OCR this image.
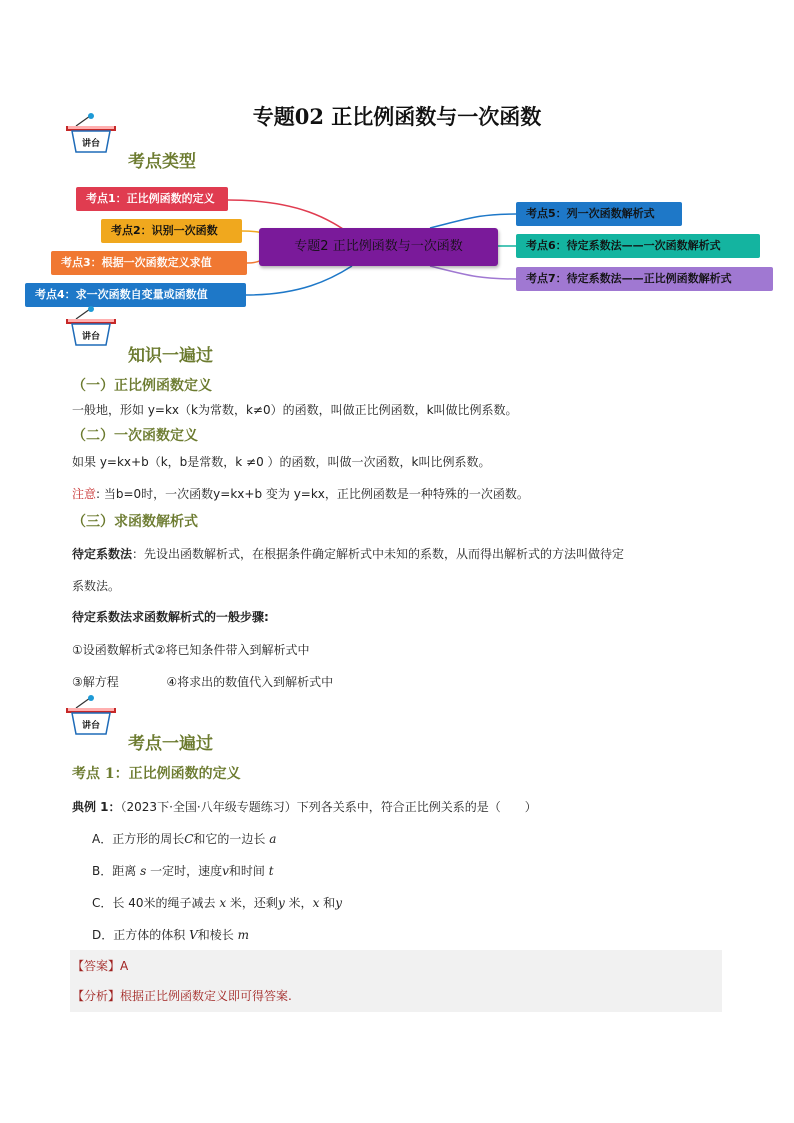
专题02 正比例函数与一次函数
讲台
考点类型
考点1：正比例函数的定义
考点2：识别一次函数
考点3：根据一次函数定义求值
考点4：求一次函数自变量或函数值
专题2 正比例函数与一次函数
考点5：列一次函数解析式
考点6：待定系数法——一次函数解析式
考点7：待定系数法——正比例函数解析式
讲台
知识一遍过
（一）正比例函数定义
一般地，形如 y=kx（k为常数，k≠0）的函数，叫做正比例函数，k叫做比例系数。
（二）一次函数定义
如果 y=kx+b（k，b是常数，k ≠0 ）的函数，叫做一次函数，k叫比例系数。
注意: 当b=0时，一次函数y=kx+b 变为 y=kx，正比例函数是一种特殊的一次函数。
（三）求函数解析式
待定系数法：先设出函数解析式，在根据条件确定解析式中未知的系数，从而得出解析式的方法叫做待定
系数法。
待定系数法求函数解析式的一般步骤:
①设函数解析式②将已知条件带入到解析式中
③解方程	④将求出的数值代入到解析式中
讲台
考点一遍过
考点 1：正比例函数的定义
典例 1：（2023下·全国·八年级专题练习）下列各关系中，符合正比例关系的是（　　）
A．正方形的周长C和它的一边长 a
B．距离 s 一定时，速度v和时间 t
C．长 40米的绳子减去 x 米，还剩y 米，x 和y
D．正方体的体积 V和棱长 m
【答案】A
【分析】根据正比例函数定义即可得答案.
